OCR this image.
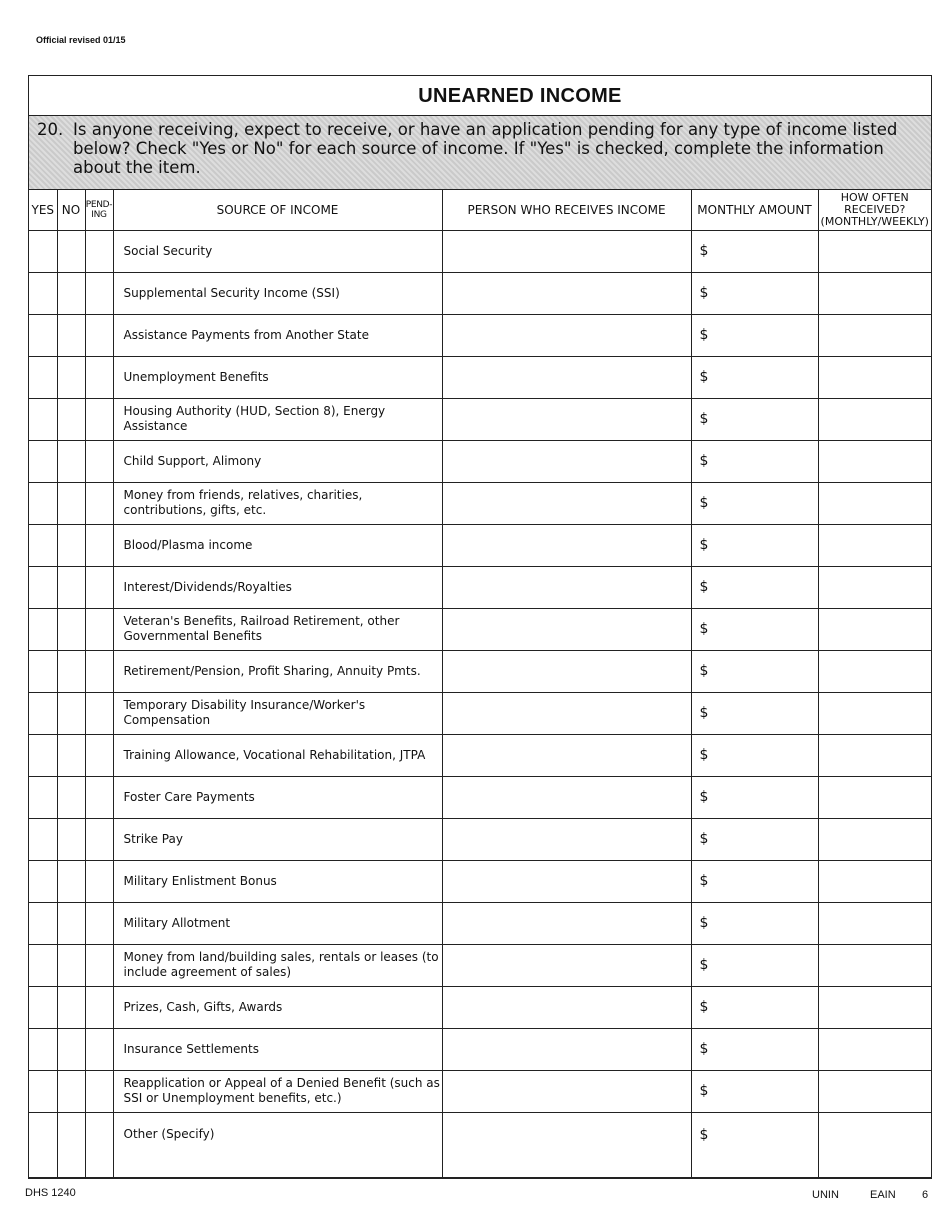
Official revised 01/15
UNEARNED INCOME
20. Is anyone receiving, expect to receive, or have an application pending for any type of income listed below? Check "Yes or No" for each source of income. If "Yes" is checked, complete the information about the item.
YES	NO	PEND-ING	SOURCE OF INCOME	PERSON WHO RECEIVES INCOME	MONTHLY AMOUNT	HOW OFTEN RECEIVED? (MONTHLY/WEEKLY)
			Social Security		$	
			Supplemental Security Income (SSI)		$	
			Assistance Payments from Another State		$	
			Unemployment Benefits		$	
			Housing Authority (HUD, Section 8), Energy Assistance		$	
			Child Support, Alimony		$	
			Money from friends, relatives, charities, contributions, gifts, etc.		$	
			Blood/Plasma income		$	
			Interest/Dividends/Royalties		$	
			Veteran's Benefits, Railroad Retirement, other Governmental Benefits		$	
			Retirement/Pension, Profit Sharing, Annuity Pmts.		$	
			Temporary Disability Insurance/Worker's Compensation		$	
			Training Allowance, Vocational Rehabilitation, JTPA		$	
			Foster Care Payments		$	
			Strike Pay		$	
			Military Enlistment Bonus		$	
			Military Allotment		$	
			Money from land/building sales, rentals or leases (to include agreement of sales)		$	
			Prizes, Cash, Gifts, Awards		$	
			Insurance Settlements		$	
			Reapplication or Appeal of a Denied Benefit (such as SSI or Unemployment benefits, etc.)		$	
			Other (Specify)		$	
DHS 1240	UNIN	EAIN 6
